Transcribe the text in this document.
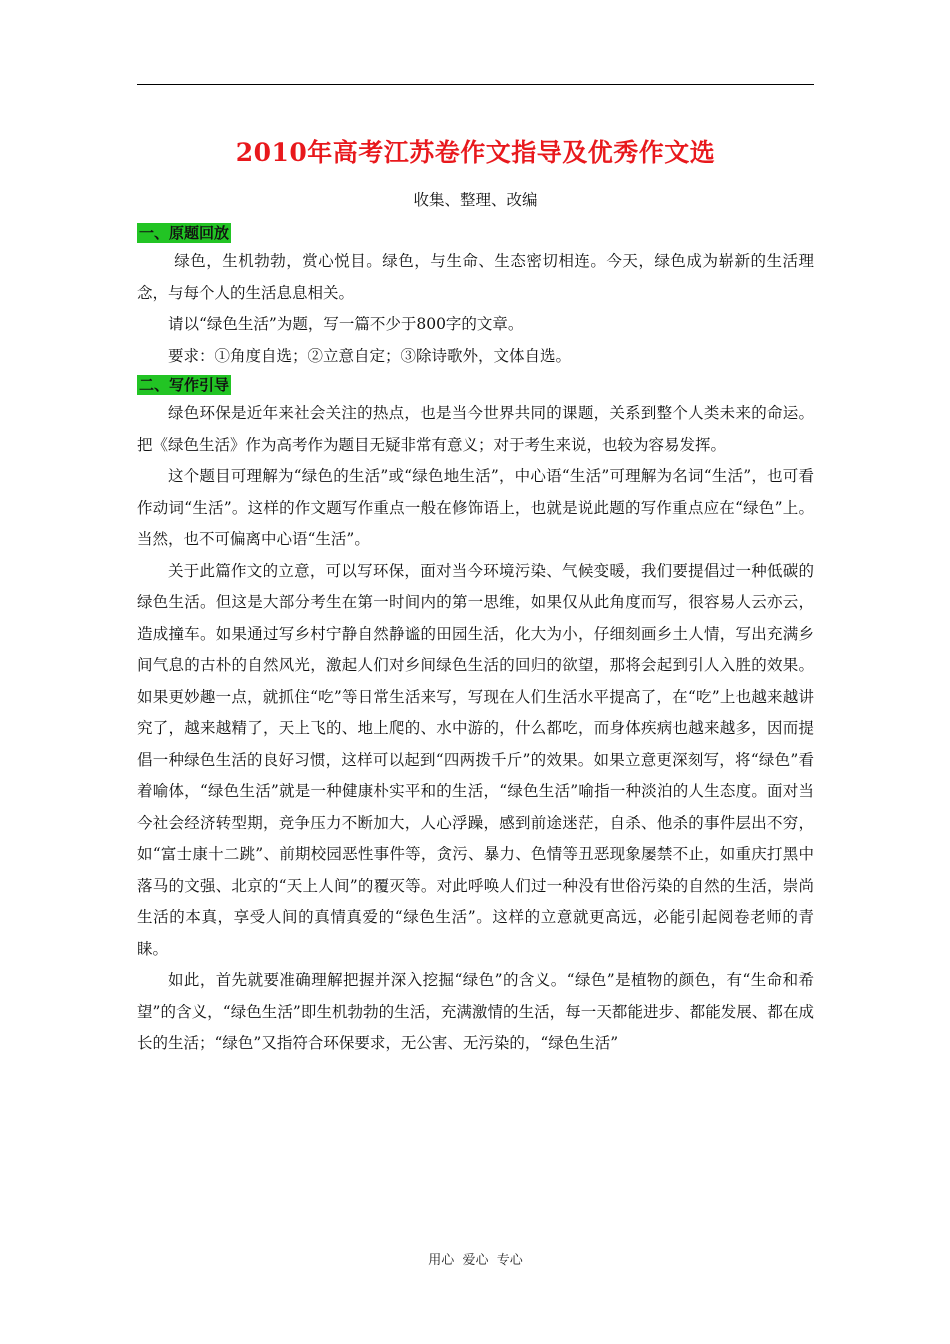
2010年高考江苏卷作文指导及优秀作文选

收集、整理、改编

一、原题回放

绿色，生机勃勃，赏心悦目。绿色，与生命、生态密切相连。今天，绿色成为崭新的生活理念，与每个人的生活息息相关。

请以“绿色生活”为题，写一篇不少于800字的文章。

要求：①角度自选；②立意自定；③除诗歌外，文体自选。

二、写作引导

绿色环保是近年来社会关注的热点，也是当今世界共同的课题，关系到整个人类未来的命运。把《绿色生活》作为高考作为题目无疑非常有意义；对于考生来说，也较为容易发挥。

这个题目可理解为“绿色的生活”或“绿色地生活”，中心语“生活”可理解为名词“生活”，也可看作动词“生活”。这样的作文题写作重点一般在修饰语上，也就是说此题的写作重点应在“绿色”上。当然，也不可偏离中心语“生活”。

关于此篇作文的立意，可以写环保，面对当今环境污染、气候变暖，我们要提倡过一种低碳的绿色生活。但这是大部分考生在第一时间内的第一思维，如果仅从此角度而写，很容易人云亦云，造成撞车。如果通过写乡村宁静自然静谧的田园生活，化大为小，仔细刻画乡土人情，写出充满乡间气息的古朴的自然风光，激起人们对乡间绿色生活的回归的欲望，那将会起到引人入胜的效果。如果更妙趣一点，就抓住“吃”等日常生活来写，写现在人们生活水平提高了，在“吃”上也越来越讲究了，越来越精了，天上飞的、地上爬的、水中游的，什么都吃，而身体疾病也越来越多，因而提倡一种绿色生活的良好习惯，这样可以起到“四两拨千斤”的效果。如果立意更深刻写，将“绿色”看着喻体，“绿色生活”就是一种健康朴实平和的生活，“绿色生活”喻指一种淡泊的人生态度。面对当今社会经济转型期，竞争压力不断加大，人心浮躁，感到前途迷茫，自杀、他杀的事件层出不穷，如“富士康十二跳”、前期校园恶性事件等，贪污、暴力、色情等丑恶现象屡禁不止，如重庆打黑中落马的文强、北京的“天上人间”的覆灭等。对此呼唤人们过一种没有世俗污染的自然的生活，崇尚生活的本真，享受人间的真情真爱的“绿色生活”。这样的立意就更高远，必能引起阅卷老师的青睐。

如此，首先就要准确理解把握并深入挖掘“绿色”的含义。“绿色”是植物的颜色，有“生命和希望”的含义，“绿色生活”即生机勃勃的生活，充满激情的生活，每一天都能进步、都能发展、都在成长的生活；“绿色”又指符合环保要求，无公害、无污染的，“绿色生活”

用心  爱心  专心
